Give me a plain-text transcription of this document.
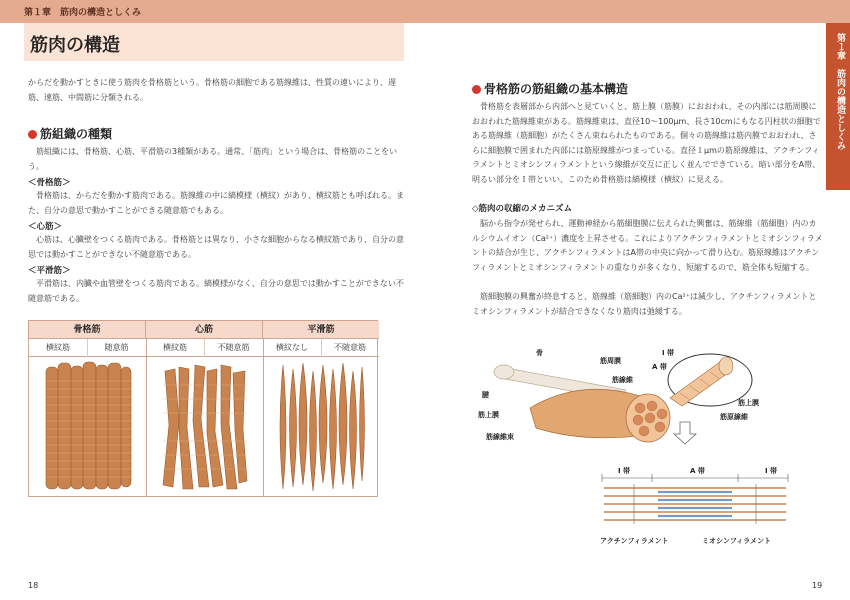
第１章　筋肉の構造としくみ
筋肉の構造	第１章　筋肉の構造としくみ

からだを動かすときに使う筋肉を骨格筋という。骨格筋の細胞である筋線維は、性質の違いにより、遅筋、速筋、中間筋に分類される。

筋組織の種類

筋組織には、骨格筋、心筋、平滑筋の3種類がある。通常、「筋肉」という場合は、骨格筋のことをいう。

＜骨格筋＞

骨格筋は、からだを動かす筋肉である。筋線維の中に縞模様（横紋）があり、横紋筋とも呼ばれる。また、自分の意思で動かすことができる随意筋でもある。

＜心筋＞

心筋は、心臓壁をつくる筋肉である。骨格筋とは異なり、小さな細胞からなる横紋筋であり、自分の意思では動かすことができない不随意筋である。

＜平滑筋＞

平滑筋は、内臓や血管壁をつくる筋肉である。縞模様がなく、自分の意思では動かすことができない不随意筋である。

骨格筋	心筋	平滑筋
横紋筋	随意筋	横紋筋	不随意筋	横紋なし	不随意筋
18
骨格筋の筋組織の基本構造

骨格筋を表層部から内部へと見ていくと、筋上膜（筋膜）におおわれ、その内部には筋周膜におおわれた筋線維束がある。筋線維束は、直径10〜100μm、長さ10cmにもなる円柱状の細胞である筋線維（筋細胞）がたくさん束ねられたものである。個々の筋線維は筋内膜でおおわれ、さらに細胞膜で囲まれた内部には筋原線維がつまっている。直径１μmの筋原線維は、アクチンフィラメントとミオシンフィラメントという線維が交互に正しく並んでできている。暗い部分をA帯、明るい部分をＩ帯といい、このため骨格筋は縞模様（横紋）に見える。

◇筋肉の収縮のメカニズム

脳から指令が発せられ、運動神経から筋細胞膜に伝えられた興奮は、筋線維（筋細胞）内のカルシウムイオン（Ca²⁺）濃度を上昇させる。これによりアクチンフィラメントとミオシンフィラメントの結合が生じ、アクチンフィラメントはA帯の中央に向かって滑り込む。筋原線維はアクチンフィラメントとミオシンフィラメントの重なりが多くなり、短縮するので、筋全体も短縮する。

筋細胞膜の興奮が終息すると、筋線維（筋細胞）内のCa²⁺は減少し、アクチンフィラメントとミオシンフィラメントが結合できなくなり筋肉は弛緩する。

骨
筋周膜
筋線維
I 帯
A 帯
腱
筋上膜
筋線維束
筋上膜
筋原線維
I 帯	A 帯	I 帯
アクチンフィラメント	ミオシンフィラメント
19
